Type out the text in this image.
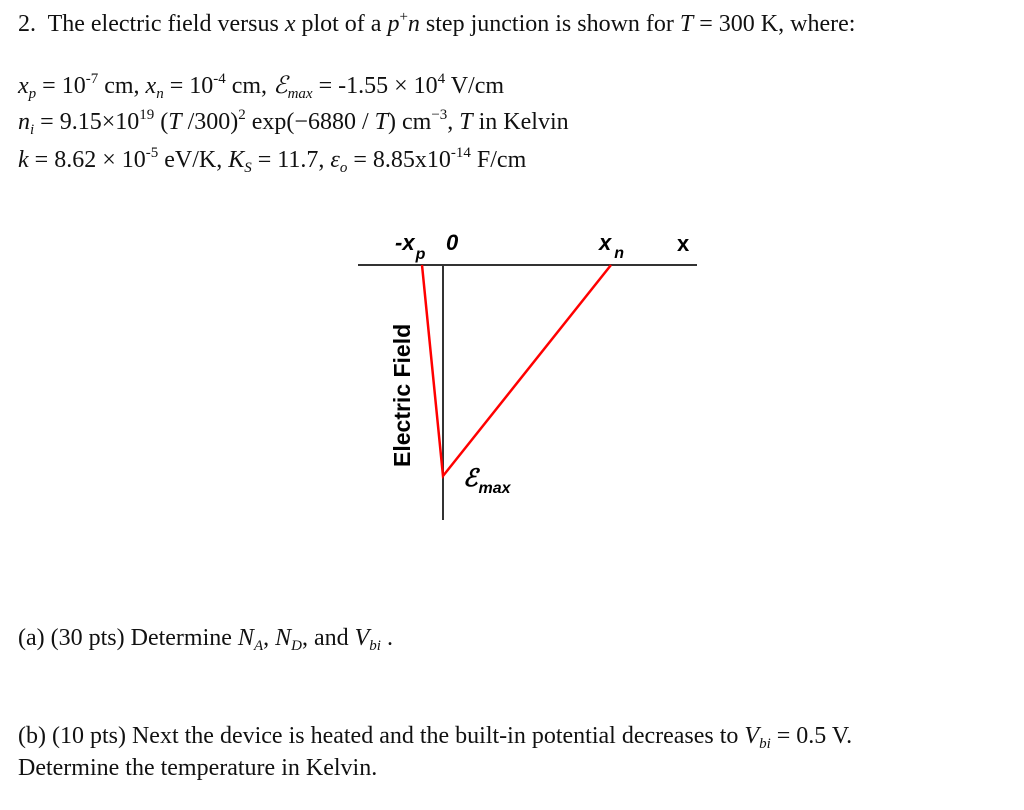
2. The electric field versus x plot of a p+n step junction is shown for T = 300 K, where:
$x_p = 10^{-7}$ cm, $x_n = 10^{-4}$ cm, ℰ$_{max}$ = $-1.55 \times 10^4$ V/cm
$n_i = 9.15\times 10^{19}$ (T /300)$^2$ exp(−6880 / T) $cm^{-3}$, T in Kelvin
$k = 8.62 \times 10^{-5}$ eV/K, $K_S = 11.7$, $\varepsilon_o = 8.85x10^{-14}$ F/cm
$-x_p$ 0	x $_n$ x
Electric Field
ℰ$_{max}$
(a) (30 pts) Determine $N_A$, $N_D$, and $V_{bi}$ .
(b) (10 pts) Next the device is heated and the built-in potential decreases to $V_{bi} = 0.5$ V.
Determine the temperature in Kelvin.
